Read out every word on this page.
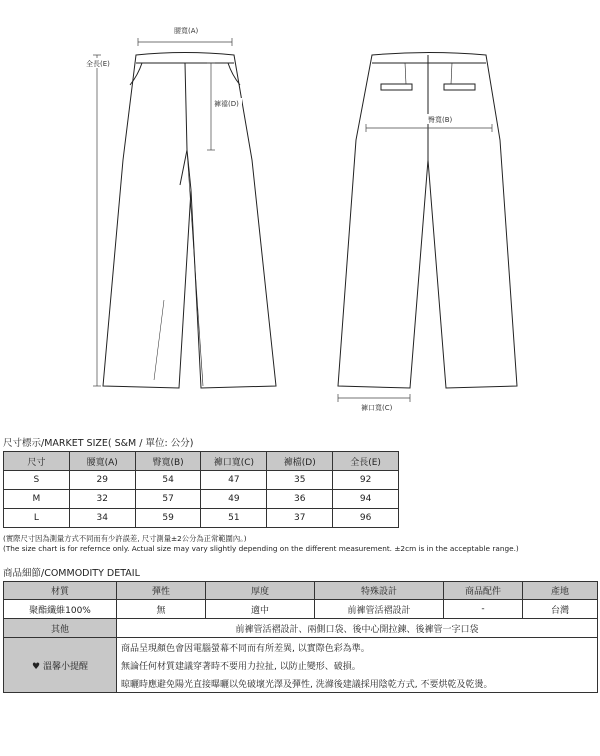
腰寬(A)
全長(E)
褲襠(D)
臀寬(B)
褲口寬(C)
尺寸標示/MARKET SIZE( S&M / 單位: 公分)
尺寸	腰寬(A)	臀寬(B)	褲口寬(C)	褲檔(D)	全長(E)
S	29	54	47	35	92
M	32	57	49	36	94
L	34	59	51	37	96
(實際尺寸因為測量方式不同而有少許誤差, 尺寸測量±2公分為正常範圍內。)
(The size chart is for refernce only. Actual size may vary slightly depending on the different measurement. ±2cm is in the acceptable range.)
商品細節/COMMODITY DETAIL
材質	彈性	厚度	特殊設計	商品配件	產地
聚酯纖維100%	無	適中	前褲管活褶設計	-	台灣
其他	前褲管活褶設計、兩側口袋、後中心開拉鍊、後褲管一字口袋				
♥ 溫馨小提醒	商品呈現顏色會因電腦螢幕不同而有所差異, 以實際色彩為準。				
	無論任何材質建議穿著時不要用力拉扯, 以防止變形、破損。				
	晾曬時應避免陽光直接曝曬以免破壞光澤及彈性, 洗滌後建議採用陰乾方式, 不要烘乾及乾燙。				
